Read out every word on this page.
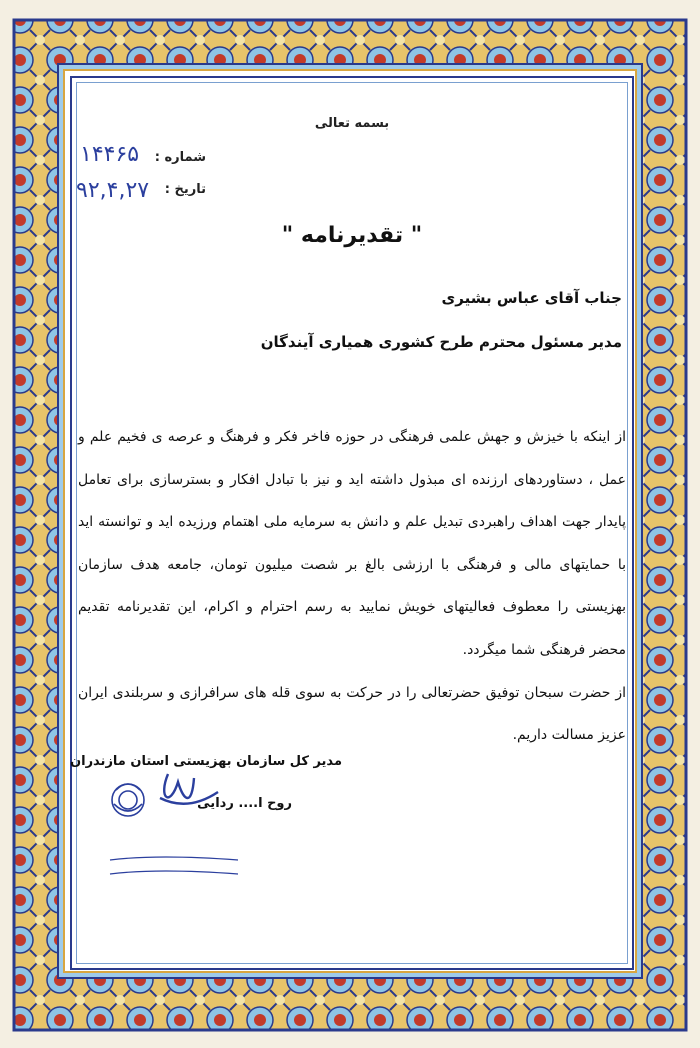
بسمه تعالی
شماره :
١۴۴۶۵
تاریخ :
٩٢,۴,٢٧
" تقدیرنامه "
جناب آقای عباس بشیری
مدیر مسئول محترم طرح کشوری همیاری آیندگان
از اینکه با خیزش و جهش علمی فرهنگی در حوزه فاخر فکر و فرهنگ و عرصه ی فخیم علم و عمل ، دستاوردهای ارزنده ای مبذول داشته اید و نیز با تبادل افکار و بسترسازی برای تعامل پایدار جهت اهداف راهبردی تبدیل علم و دانش به سرمایه ملی اهتمام ورزیده اید و توانسته اید با حمایتهای مالی و فرهنگی با ارزشی بالغ بر شصت میلیون تومان، جامعه هدف سازمان بهزیستی را معطوف فعالیتهای خویش نمایید به رسم احترام و اکرام، این تقدیرنامه تقدیم محضر فرهنگی شما میگردد.
از حضرت سبحان توفیق حضرتعالی را در حرکت به سوی قله های سرافرازی و سربلندی ایران عزیز مسالت داریم.
مدیر کل سازمان بهزیستی استان مازندران
روح ا.... ردایی
